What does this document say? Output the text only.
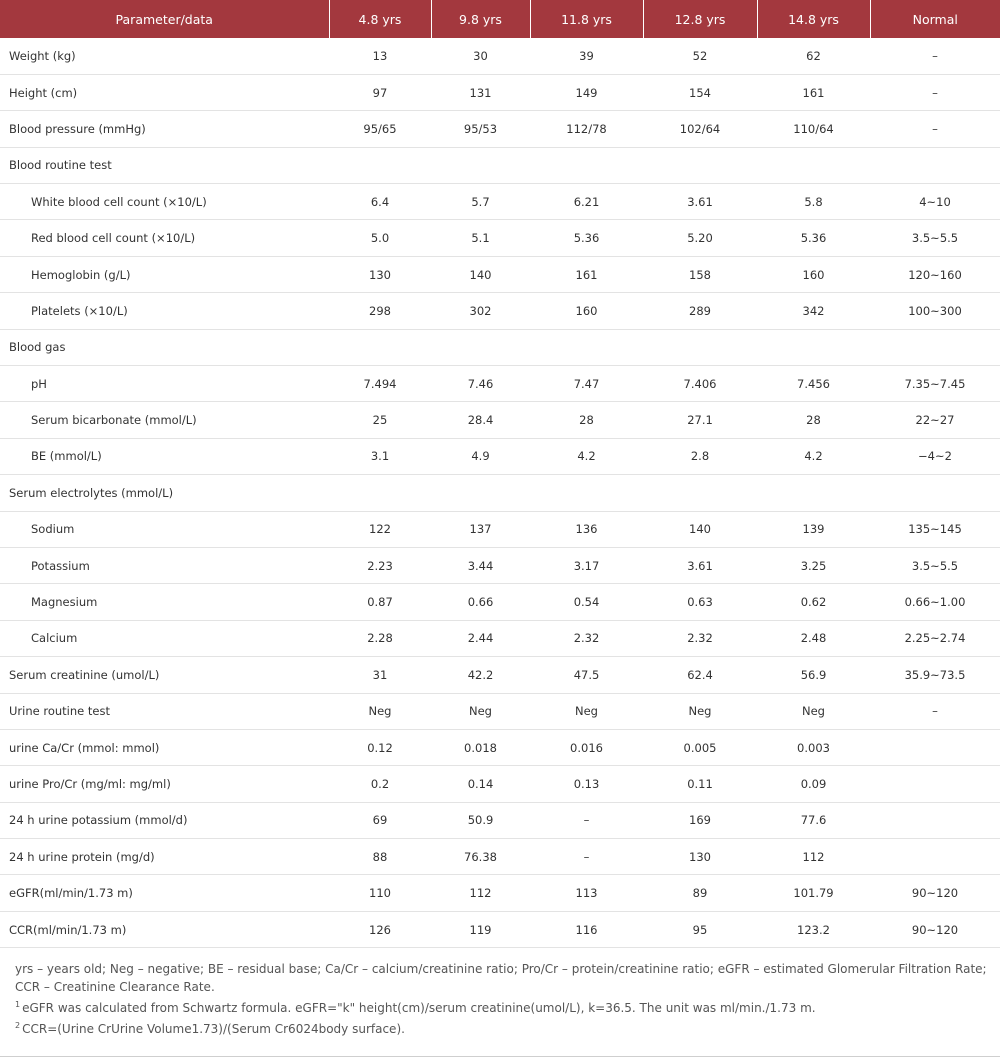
Parameter/data	4.8 yrs	9.8 yrs	11.8 yrs	12.8 yrs	14.8 yrs	Normal
Weight (kg)	13	30	39	52	62	–
Height (cm)	97	131	149	154	161	–
Blood pressure (mmHg)	95/65	95/53	112/78	102/64	110/64	–
Blood routine test						
White blood cell count (×10/L)	6.4	5.7	6.21	3.61	5.8	4~10
Red blood cell count (×10/L)	5.0	5.1	5.36	5.20	5.36	3.5~5.5
Hemoglobin (g/L)	130	140	161	158	160	120~160
Platelets (×10/L)	298	302	160	289	342	100~300
Blood gas						
pH	7.494	7.46	7.47	7.406	7.456	7.35~7.45
Serum bicarbonate (mmol/L)	25	28.4	28	27.1	28	22~27
BE (mmol/L)	3.1	4.9	4.2	2.8	4.2	−4~2
Serum electrolytes (mmol/L)						
Sodium	122	137	136	140	139	135~145
Potassium	2.23	3.44	3.17	3.61	3.25	3.5~5.5
Magnesium	0.87	0.66	0.54	0.63	0.62	0.66~1.00
Calcium	2.28	2.44	2.32	2.32	2.48	2.25~2.74
Serum creatinine (umol/L)	31	42.2	47.5	62.4	56.9	35.9~73.5
Urine routine test	Neg	Neg	Neg	Neg	Neg	–
urine Ca/Cr (mmol: mmol)	0.12	0.018	0.016	0.005	0.003	
urine Pro/Cr (mg/ml: mg/ml)	0.2	0.14	0.13	0.11	0.09	
24 h urine potassium (mmol/d)	69	50.9	–	169	77.6	
24 h urine protein (mg/d)	88	76.38	–	130	112	
eGFR(ml/min/1.73 m)	110	112	113	89	101.79	90~120
CCR(ml/min/1.73 m)	126	119	116	95	123.2	90~120

yrs – years old; Neg – negative; BE – residual base; Ca/Cr – calcium/creatinine ratio; Pro/Cr – protein/creatinine ratio; eGFR – estimated Glomerular Filtration Rate; CCR – Creatinine Clearance Rate.

$^1$ eGFR was calculated from Schwartz formula. eGFR="k" height(cm)/serum creatinine(umol/L), k=36.5. The unit was ml/min./1.73 m.

$^2$ CCR=(Urine CrUrine Volume1.73)/(Serum Cr6024body surface).
